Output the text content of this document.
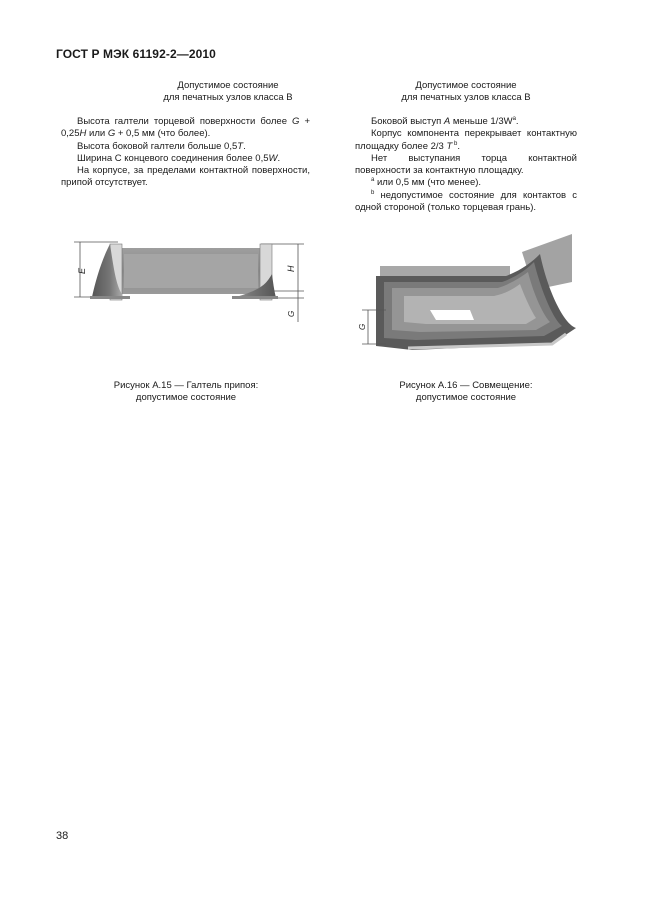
ГОСТ Р МЭК 61192-2—2010
Допустимое состояние
для печатных узлов класса В

Высота галтели торцевой поверхности более G + 0,25H или G + 0,5 мм (что более).

Высота боковой галтели больше 0,5T.

Ширина С концевого соединения более 0,5W.

На корпусе, за пределами контактной поверхности, припой отсутствует.

E	H
G
Рисунок А.15 — Галтель припоя:
допустимое состояние
Допустимое состояние
для печатных узлов класса В

Боковой выступ A меньше $1/3W^a$.

Корпус компонента перекрывает контактную площадку более 2/3 T $^b$.

Нет выступания торца контактной поверхности за контактную площадку.

$^a$ или 0,5 мм (что менее).

$^b$ недопустимое состояние для контактов с одной стороной (только торцевая грань).

G
Рисунок А.16 — Совмещение:
допустимое состояние
38
